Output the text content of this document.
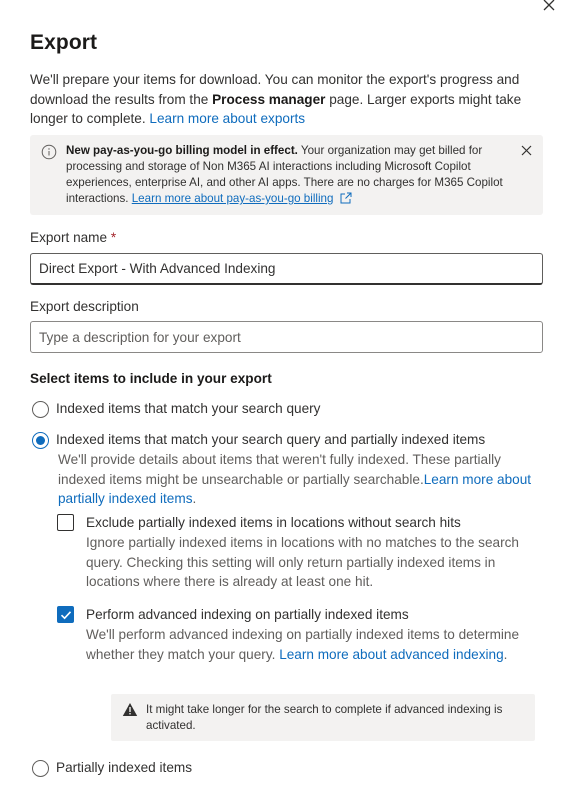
Export

We'll prepare your items for download. You can monitor the export's progress and download the results from the Process manager page. Larger exports might take longer to complete. Learn more about exports

New pay-as-you-go billing model in effect. Your organization may get billed for processing and storage of Non M365 AI interactions including Microsoft Copilot experiences, enterprise AI, and other AI apps. There are no charges for M365 Copilot interactions. Learn more about pay-as-you-go billing
Export name *
Direct Export - With Advanced Indexing
Export description
Type a description for your export
Select items to include in your export
Indexed items that match your search query
Indexed items that match your search query and partially indexed items
We'll provide details about items that weren't fully indexed. These partially indexed items might be unsearchable or partially searchable.Learn more about partially indexed items.
Exclude partially indexed items in locations without search hits
Ignore partially indexed items in locations with no matches to the search query. Checking this setting will only return partially indexed items in locations where there is already at least one hit.
Perform advanced indexing on partially indexed items
We'll perform advanced indexing on partially indexed items to determine whether they match your query. Learn more about advanced indexing.
It might take longer for the search to complete if advanced indexing is activated.
Partially indexed items
